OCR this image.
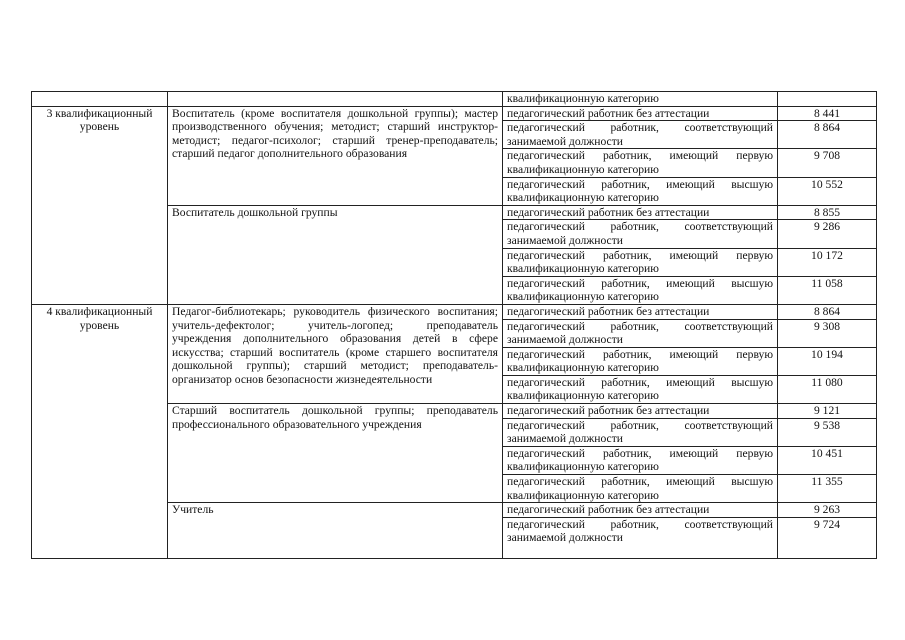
		квалификационную категорию	
3 квалификационный уровень	Воспитатель (кроме воспитателя дошкольной группы); мастер производственного обучения; методист; старший инструктор-методист; педагог-психолог; старший тренер-преподаватель; старший педагог дополнительного образования	педагогический работник без аттестации	8 441
		педагогический работник, соответствующий занимаемой должности	8 864
		педагогический работник, имеющий первую квалификационную категорию	9 708
		педагогический работник, имеющий высшую квалификационную категорию	10 552
	Воспитатель дошкольной группы	педагогический работник без аттестации	8 855
		педагогический работник, соответствующий занимаемой должности	9 286
		педагогический работник, имеющий первую квалификационную категорию	10 172
		педагогический работник, имеющий высшую квалификационную категорию	11 058
4 квалификационный уровень	Педагог-библиотекарь; руководитель физического воспитания; учитель-дефектолог; учитель-логопед; преподаватель учреждения дополнительного образования детей в сфере искусства; старший воспитатель (кроме старшего воспитателя дошкольной группы); старший методист; преподаватель-организатор основ безопасности жизнедеятельности	педагогический работник без аттестации	8 864
		педагогический работник, соответствующий занимаемой должности	9 308
		педагогический работник, имеющий первую квалификационную категорию	10 194
		педагогический работник, имеющий высшую квалификационную категорию	11 080
	Старший воспитатель дошкольной группы; преподаватель профессионального образовательного учреждения	педагогический работник без аттестации	9 121
		педагогический работник, соответствующий занимаемой должности	9 538
		педагогический работник, имеющий первую квалификационную категорию	10 451
		педагогический работник, имеющий высшую квалификационную категорию	11 355
	Учитель	педагогический работник без аттестации	9 263
		педагогический работник, соответствующий занимаемой должности	9 724
